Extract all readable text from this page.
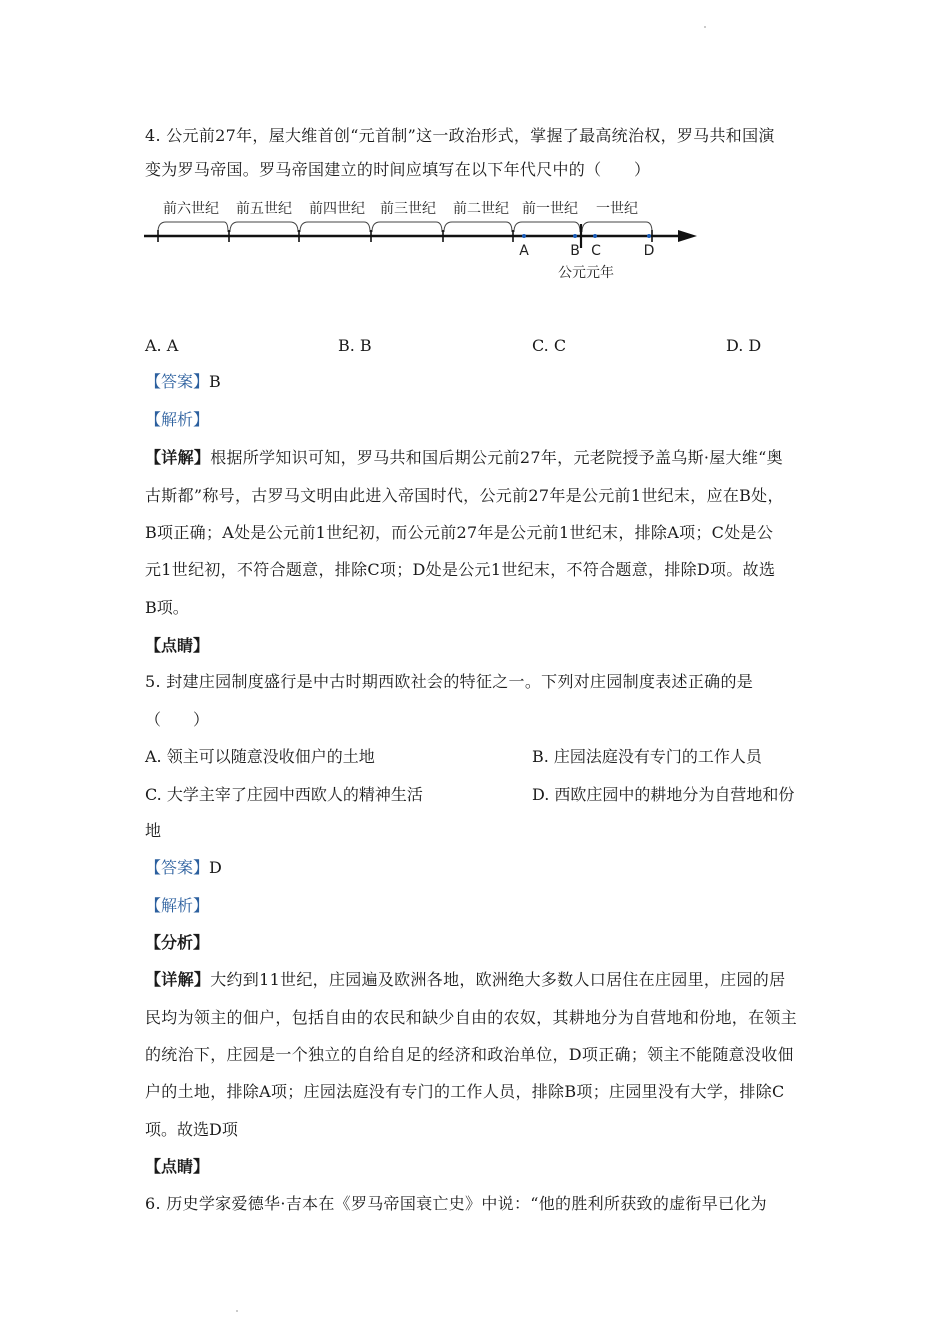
4. 公元前27年，屋大维首创“元首制”这一政治形式，掌握了最高统治权，罗马共和国演
变为罗马帝国。罗马帝国建立的时间应填写在以下年代尺中的（　　）
前六世纪 前五世纪 前四世纪 前三世纪 前二世纪 前一世纪 一世纪
A	B C	D
公元元年
A. A	B. B	C. C	D. D
【答案】B
【解析】
【详解】根据所学知识可知，罗马共和国后期公元前27年，元老院授予盖乌斯·屋大维“奥
古斯都”称号，古罗马文明由此进入帝国时代，公元前27年是公元前1世纪末，应在B处，
B项正确；A处是公元前1世纪初，而公元前27年是公元前1世纪末，排除A项；C处是公
元1世纪初，不符合题意，排除C项；D处是公元1世纪末，不符合题意，排除D项。故选
B项。
【点睛】
5. 封建庄园制度盛行是中古时期西欧社会的特征之一。下列对庄园制度表述正确的是
（　　）
A. 领主可以随意没收佃户的土地	B. 庄园法庭没有专门的工作人员
C. 大学主宰了庄园中西欧人的精神生活	D. 西欧庄园中的耕地分为自营地和份
地
【答案】D
【解析】
【分析】
【详解】大约到11世纪，庄园遍及欧洲各地，欧洲绝大多数人口居住在庄园里，庄园的居
民均为领主的佃户，包括自由的农民和缺少自由的农奴，其耕地分为自营地和份地，在领主
的统治下，庄园是一个独立的自给自足的经济和政治单位，D项正确；领主不能随意没收佃
户的土地，排除A项；庄园法庭没有专门的工作人员，排除B项；庄园里没有大学，排除C
项。故选D项
【点睛】
6. 历史学家爱德华·吉本在《罗马帝国衰亡史》中说：“他的胜利所获致的虚衔早已化为
